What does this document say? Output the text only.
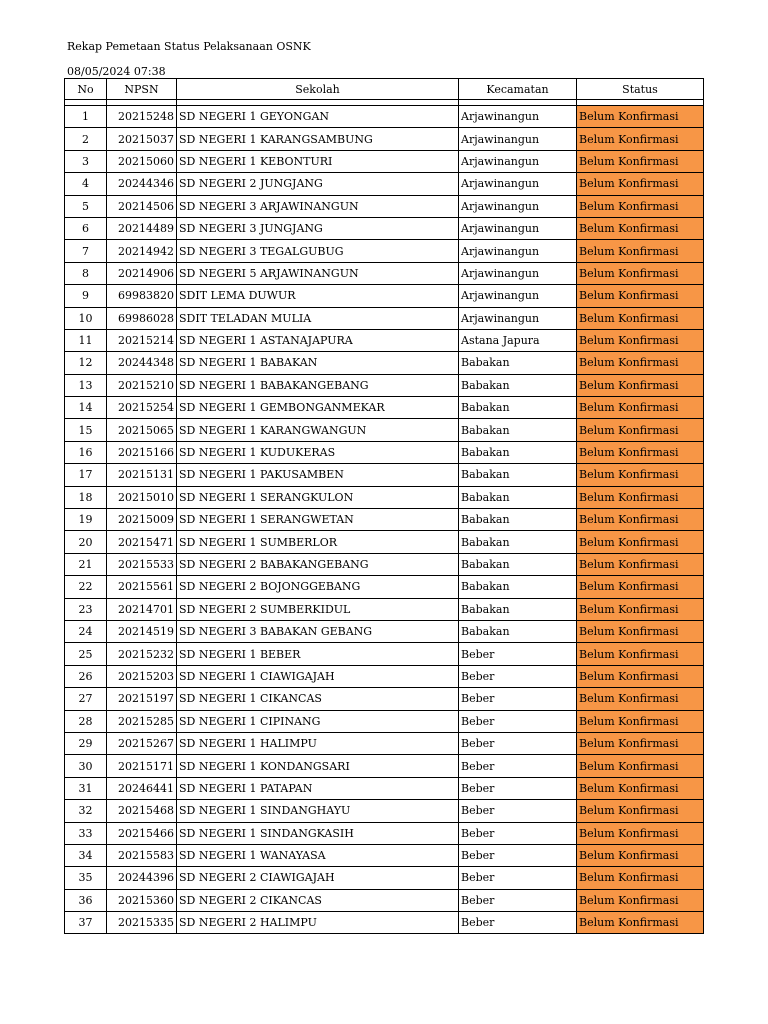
Rekap Pemetaan Status Pelaksanaan OSNK
08/05/2024 07:38
No	NPSN	Sekolah	Kecamatan	Status

1	20215248	SD NEGERI 1 GEYONGAN	Arjawinangun	Belum Konfirmasi
2	20215037	SD NEGERI 1 KARANGSAMBUNG	Arjawinangun	Belum Konfirmasi
3	20215060	SD NEGERI 1 KEBONTURI	Arjawinangun	Belum Konfirmasi
4	20244346	SD NEGERI 2 JUNGJANG	Arjawinangun	Belum Konfirmasi
5	20214506	SD NEGERI 3 ARJAWINANGUN	Arjawinangun	Belum Konfirmasi
6	20214489	SD NEGERI 3 JUNGJANG	Arjawinangun	Belum Konfirmasi
7	20214942	SD NEGERI 3 TEGALGUBUG	Arjawinangun	Belum Konfirmasi
8	20214906	SD NEGERI 5 ARJAWINANGUN	Arjawinangun	Belum Konfirmasi
9	69983820	SDIT LEMA DUWUR	Arjawinangun	Belum Konfirmasi
10	69986028	SDIT TELADAN MULIA	Arjawinangun	Belum Konfirmasi
11	20215214	SD NEGERI 1 ASTANAJAPURA	Astana Japura	Belum Konfirmasi
12	20244348	SD NEGERI 1 BABAKAN	Babakan	Belum Konfirmasi
13	20215210	SD NEGERI 1 BABAKANGEBANG	Babakan	Belum Konfirmasi
14	20215254	SD NEGERI 1 GEMBONGANMEKAR	Babakan	Belum Konfirmasi
15	20215065	SD NEGERI 1 KARANGWANGUN	Babakan	Belum Konfirmasi
16	20215166	SD NEGERI 1 KUDUKERAS	Babakan	Belum Konfirmasi
17	20215131	SD NEGERI 1 PAKUSAMBEN	Babakan	Belum Konfirmasi
18	20215010	SD NEGERI 1 SERANGKULON	Babakan	Belum Konfirmasi
19	20215009	SD NEGERI 1 SERANGWETAN	Babakan	Belum Konfirmasi
20	20215471	SD NEGERI 1 SUMBERLOR	Babakan	Belum Konfirmasi
21	20215533	SD NEGERI 2 BABAKANGEBANG	Babakan	Belum Konfirmasi
22	20215561	SD NEGERI 2 BOJONGGEBANG	Babakan	Belum Konfirmasi
23	20214701	SD NEGERI 2 SUMBERKIDUL	Babakan	Belum Konfirmasi
24	20214519	SD NEGERI 3 BABAKAN GEBANG	Babakan	Belum Konfirmasi
25	20215232	SD NEGERI 1 BEBER	Beber	Belum Konfirmasi
26	20215203	SD NEGERI 1 CIAWIGAJAH	Beber	Belum Konfirmasi
27	20215197	SD NEGERI 1 CIKANCAS	Beber	Belum Konfirmasi
28	20215285	SD NEGERI 1 CIPINANG	Beber	Belum Konfirmasi
29	20215267	SD NEGERI 1 HALIMPU	Beber	Belum Konfirmasi
30	20215171	SD NEGERI 1 KONDANGSARI	Beber	Belum Konfirmasi
31	20246441	SD NEGERI 1 PATAPAN	Beber	Belum Konfirmasi
32	20215468	SD NEGERI 1 SINDANGHAYU	Beber	Belum Konfirmasi
33	20215466	SD NEGERI 1 SINDANGKASIH	Beber	Belum Konfirmasi
34	20215583	SD NEGERI 1 WANAYASA	Beber	Belum Konfirmasi
35	20244396	SD NEGERI 2 CIAWIGAJAH	Beber	Belum Konfirmasi
36	20215360	SD NEGERI 2 CIKANCAS	Beber	Belum Konfirmasi
37	20215335	SD NEGERI 2 HALIMPU	Beber	Belum Konfirmasi
